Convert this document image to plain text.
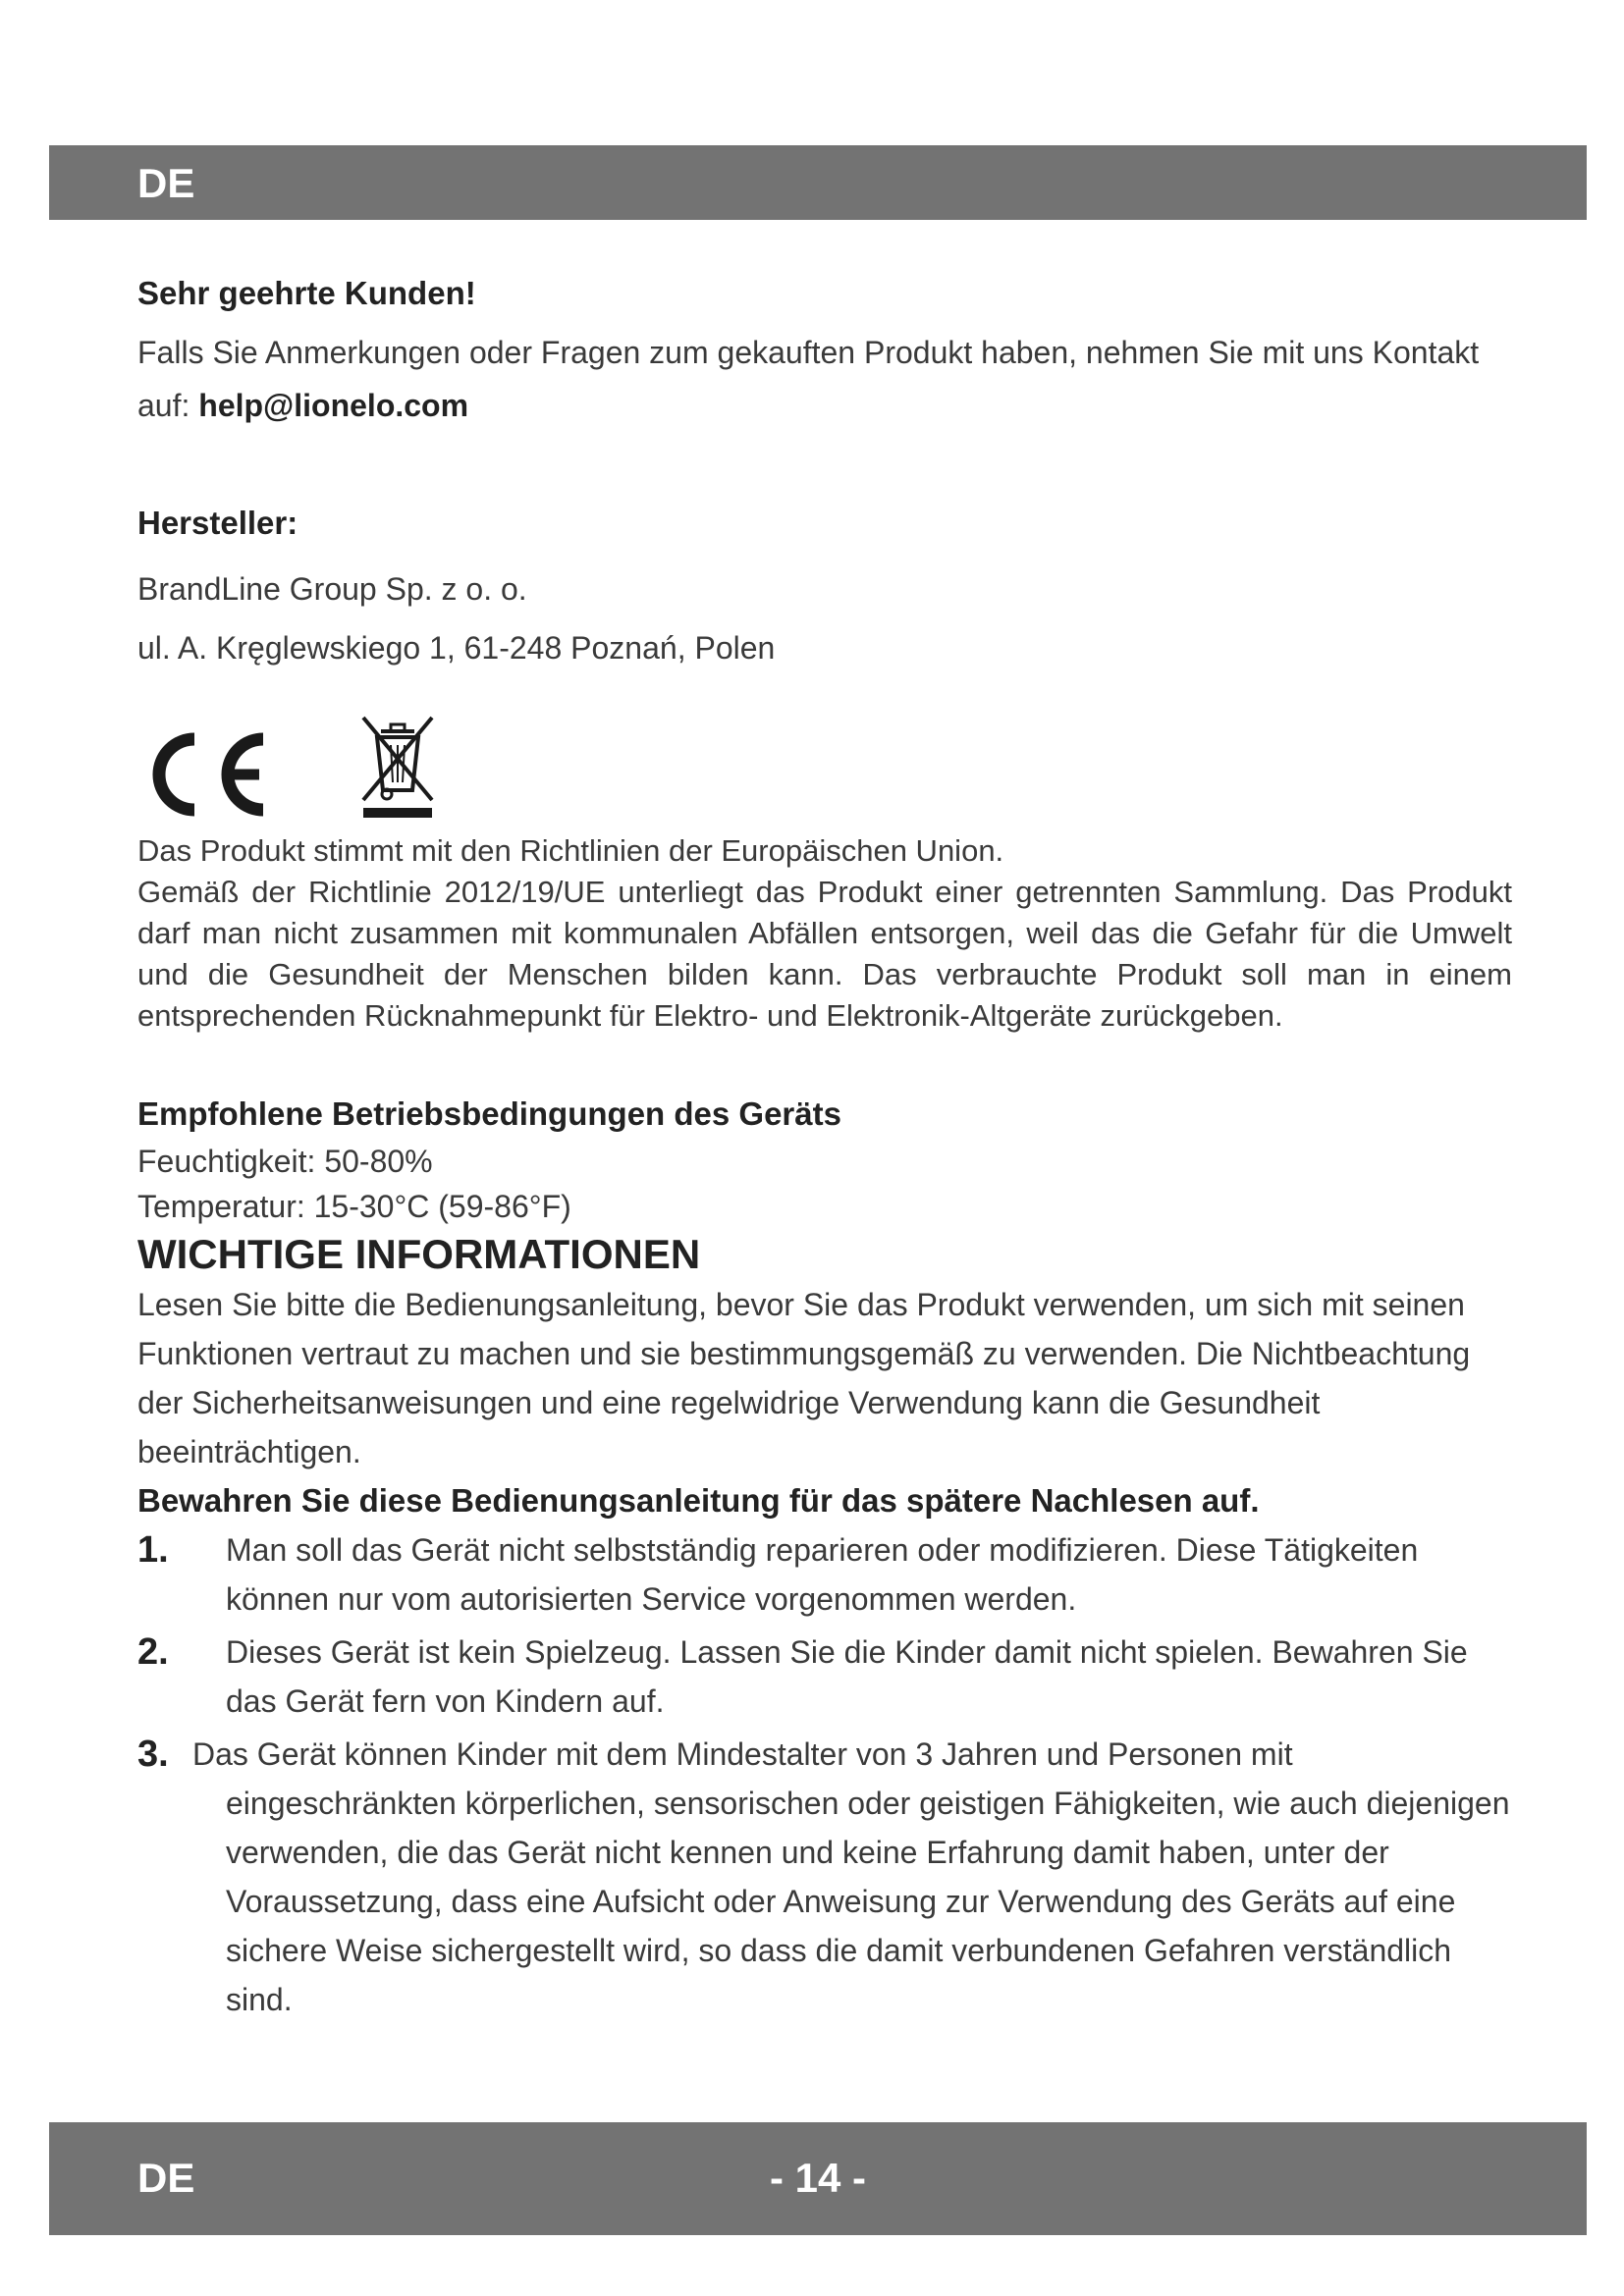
DE

Sehr geehrte Kunden!

Falls Sie Anmerkungen oder Fragen zum gekauften Produkt haben, nehmen Sie mit uns Kontakt auf: help@lionelo.com

Hersteller:

BrandLine Group Sp. z o. o.

ul. A. Kręglewskiego 1, 61-248 Poznań, Polen

Das Produkt stimmt mit den Richtlinien der Europäischen Union.

Gemäß der Richtlinie 2012/19/UE unterliegt das Produkt einer getrennten Sammlung. Das Produkt darf man nicht zusammen mit kommunalen Abfällen entsorgen, weil das die Gefahr für die Umwelt und die Gesundheit der Menschen bilden kann. Das verbrauchte Produkt soll man in einem entsprechenden Rücknahmepunkt für Elektro- und Elektronik-Altgeräte zurückgeben.

Empfohlene Betriebsbedingungen des Geräts

Feuchtigkeit: 50-80%

Temperatur: 15-30°C (59-86°F)

WICHTIGE INFORMATIONEN

Lesen Sie bitte die Bedienungsanleitung, bevor Sie das Produkt verwenden, um sich mit seinen Funktionen vertraut zu machen und sie bestimmungsgemäß zu verwenden. Die Nichtbeachtung der Sicherheitsanweisungen und eine regelwidrige Verwendung kann die Gesundheit beeinträchtigen.

Bewahren Sie diese Bedienungsanleitung für das spätere Nachlesen auf.

1.	Man soll das Gerät nicht selbstständig reparieren oder modifizieren. Diese Tätigkeiten können nur vom autorisierten Service vorgenommen werden.

2.	Dieses Gerät ist kein Spielzeug. Lassen Sie die Kinder damit nicht spielen. Bewahren Sie das Gerät fern von Kindern auf.

3. Das Gerät können Kinder mit dem Mindestalter von 3 Jahren und Personen mit eingeschränkten körperlichen, sensorischen oder geistigen Fähigkeiten, wie auch diejenigen verwenden, die das Gerät nicht kennen und keine Erfahrung damit haben, unter der Voraussetzung, dass eine Aufsicht oder Anweisung zur Verwendung des Geräts auf eine sichere Weise sichergestellt wird, so dass die damit verbundenen Gefahren verständlich sind.

DE	- 14 -
